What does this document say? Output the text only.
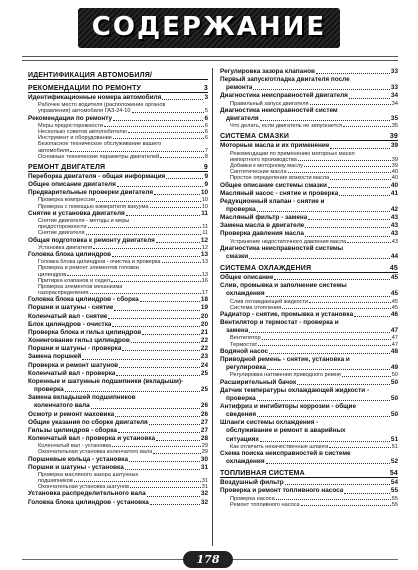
СОДЕРЖАНИЕ
ИДЕНТИФИКАЦИЯ АВТОМОБИЛЯ/
РЕКОМЕНДАЦИИ ПО РЕМОНТУ	3
Идентификационные номера автомобиля	3
Рабочее место водителя (расположение органов
управления) автомобиля ГАЗ-24-10	5
Рекомендации по ремонту	6
Меры предосторожности	6
Несколько советов автолюбителю	6
Инструмент и оборудование	6
Безопасное техническое обслуживание вашего
автомобиля	7
Основные технические параметры двигателей	8
РЕМОНТ ДВИГАТЕЛЯ	9
Переборка двигателя - общая информация	9
Общее описание двигателя	9
Предварительные проверки двигателя	10
Проверка компрессии	10
Проверка с помощью измерителя вакуума	10
Снятие и установка двигателя	11
Снятие двигателя - методы и меры
предосторожности	11
Снятие двигателя	11
Общая подготовка к ремонту двигателя	12
Установка двигателя	12
Головка блока цилиндров	13
Головка блока цилиндров - очистка и проверка	13
Проверка и ремонт элементов головки
цилиндров	13
Притирка клапанов и седел	16
Проверка элементов механизма
газораспределения	17
Головка блока цилиндров - сборка	18
Поршни и шатуны - снятие	19
Коленчатый вал - снятие	20
Блок цилиндров - очистка	20
Проверка блока и гильз цилиндров	21
Хонингование гильз цилиндров	22
Поршни и шатуны - проверка	22
Замена поршней	23
Проверка и ремонт шатунов	24
Коленчатый вал - проверка	25
Коренные и шатунные подшипники (вкладыши)-
проверка	25
Замена вкладышей подшипников
коленчатого вала	26
Осмотр и ремонт маховика	26
Общие указания по сборке двигателя	27
Гильзы цилиндров - сборка	27
Коленчатый вал - проверка и установка	28
Коленчатый вал - установка	29
Окончательная установка коленчатого вала	29
Поршневые кольца - установка	30
Поршни и шатуны - установка	31
Проверка масляного зазора шатунных
подшипников	31
Окончательная установка шатунов	31
Установка распределительного вала	32
Головка блока цилиндров - установка	32
Регулировка зазора клапанов	33
Первый запуск/отладка двигателя после
ремонта	33
Диагностика неисправностей двигателя	34
Правильный запуск двигателя	34
Диагностика неисправностей систем
двигателя	35
Что делать, если двигатель не запускается	35
СИСТЕМА СМАЗКИ	39
Моторные масла и их применение	39
Рекомендации по применению моторных масел
импортного производства	39
Добавки к моторному маслу	39
Синтетические масла	40
Простое определение вязкости масла	40
Общее описание системы смазки	40
Масляный насос - снятие и проверка	41
Редукционный клапан - снятие и
проверка	42
Масляный фильтр - замена	43
Замена масла в двигателе	43
Проверка давления масла	43
Устранение недостаточного давления масла	43
Диагностика неисправностей системы
смазки	44
СИСТЕМА ОХЛАЖДЕНИЯ	45
Общее описание	45
Слив, промывка и заполнение системы
охлаждения	45
Слив охлаждающей жидкости	45
Система отопления	45
Радиатор - снятие, промывка и установка	46
Вентилятор и термостат - проверка и
замена	47
Вентилятор	47
Термостат	47
Водяной насос	48
Приводной ремень - снятие, установка и
регулировка	49
Регулировка натяжения приводного ремня	50
Расширительный бачок	50
Датчик температуры охлаждающей жидкости -
проверка	50
Антифриз и ингибиторы коррозии - общие
сведения	50
Шланги системы охлаждения -
обслуживание и ремонт в аварийных
ситуациях	51
Как отличить некачественные шланги	51
Схема поиска неисправностей в системе
охлаждения	52
ТОПЛИВНАЯ СИСТЕМА	54
Воздушный фильтр	54
Проверка и ремонт топливного насоса	55
Проверка насоса	55
Ремонт топливного насоса	55
178
